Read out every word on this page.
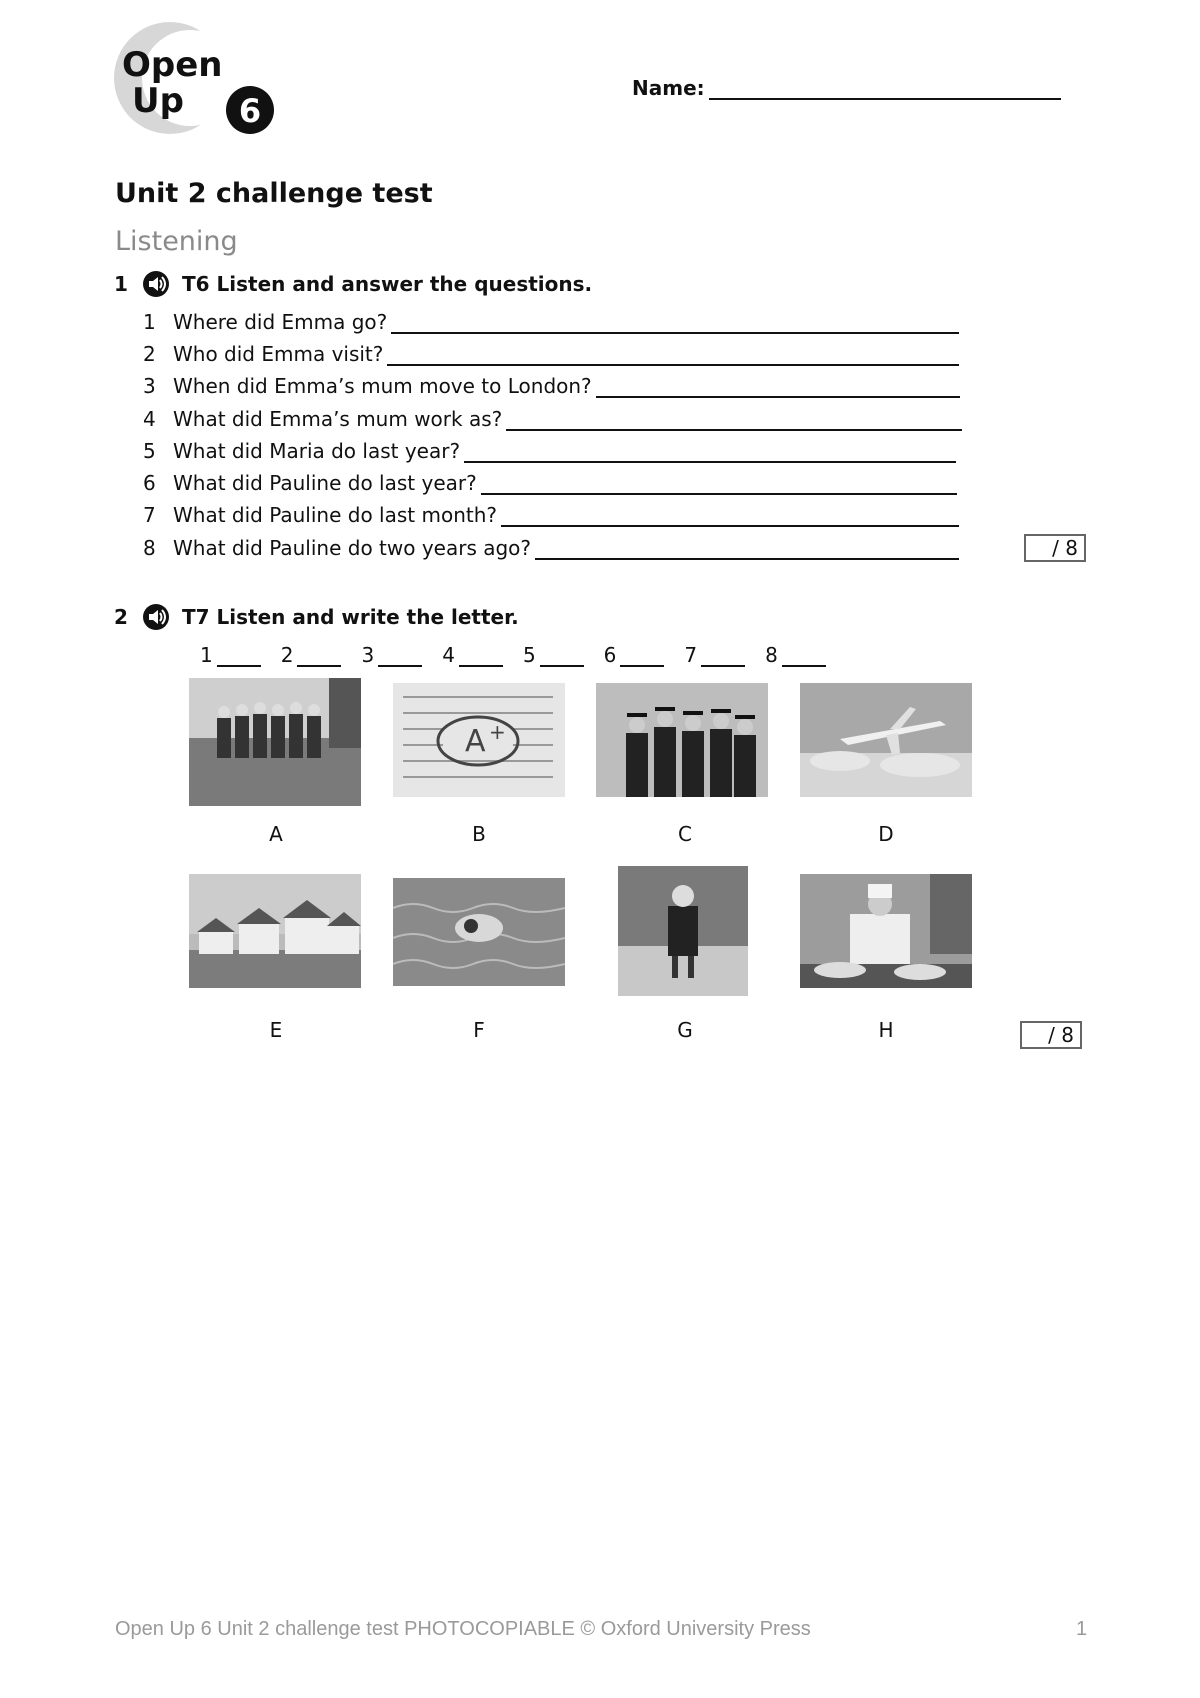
Open
Up 6
Name:
Unit 2 challenge test
Listening
1	T6 Listen and answer the questions.
1 Where did Emma go?
2 Who did Emma visit?
3 When did Emma’s mum move to London?
4 What did Emma’s mum work as?
5 What did Maria do last year?
6 What did Pauline do last year?
7 What did Pauline do last month?
8 What did Pauline do two years ago?	/ 8
2	T7 Listen and write the letter.
1	2	3	4	5	6	7	8
A
A +
B	C	D
E	F	G	H	/ 8
Open Up 6 Unit 2 challenge test PHOTOCOPIABLE © Oxford University Press	1
